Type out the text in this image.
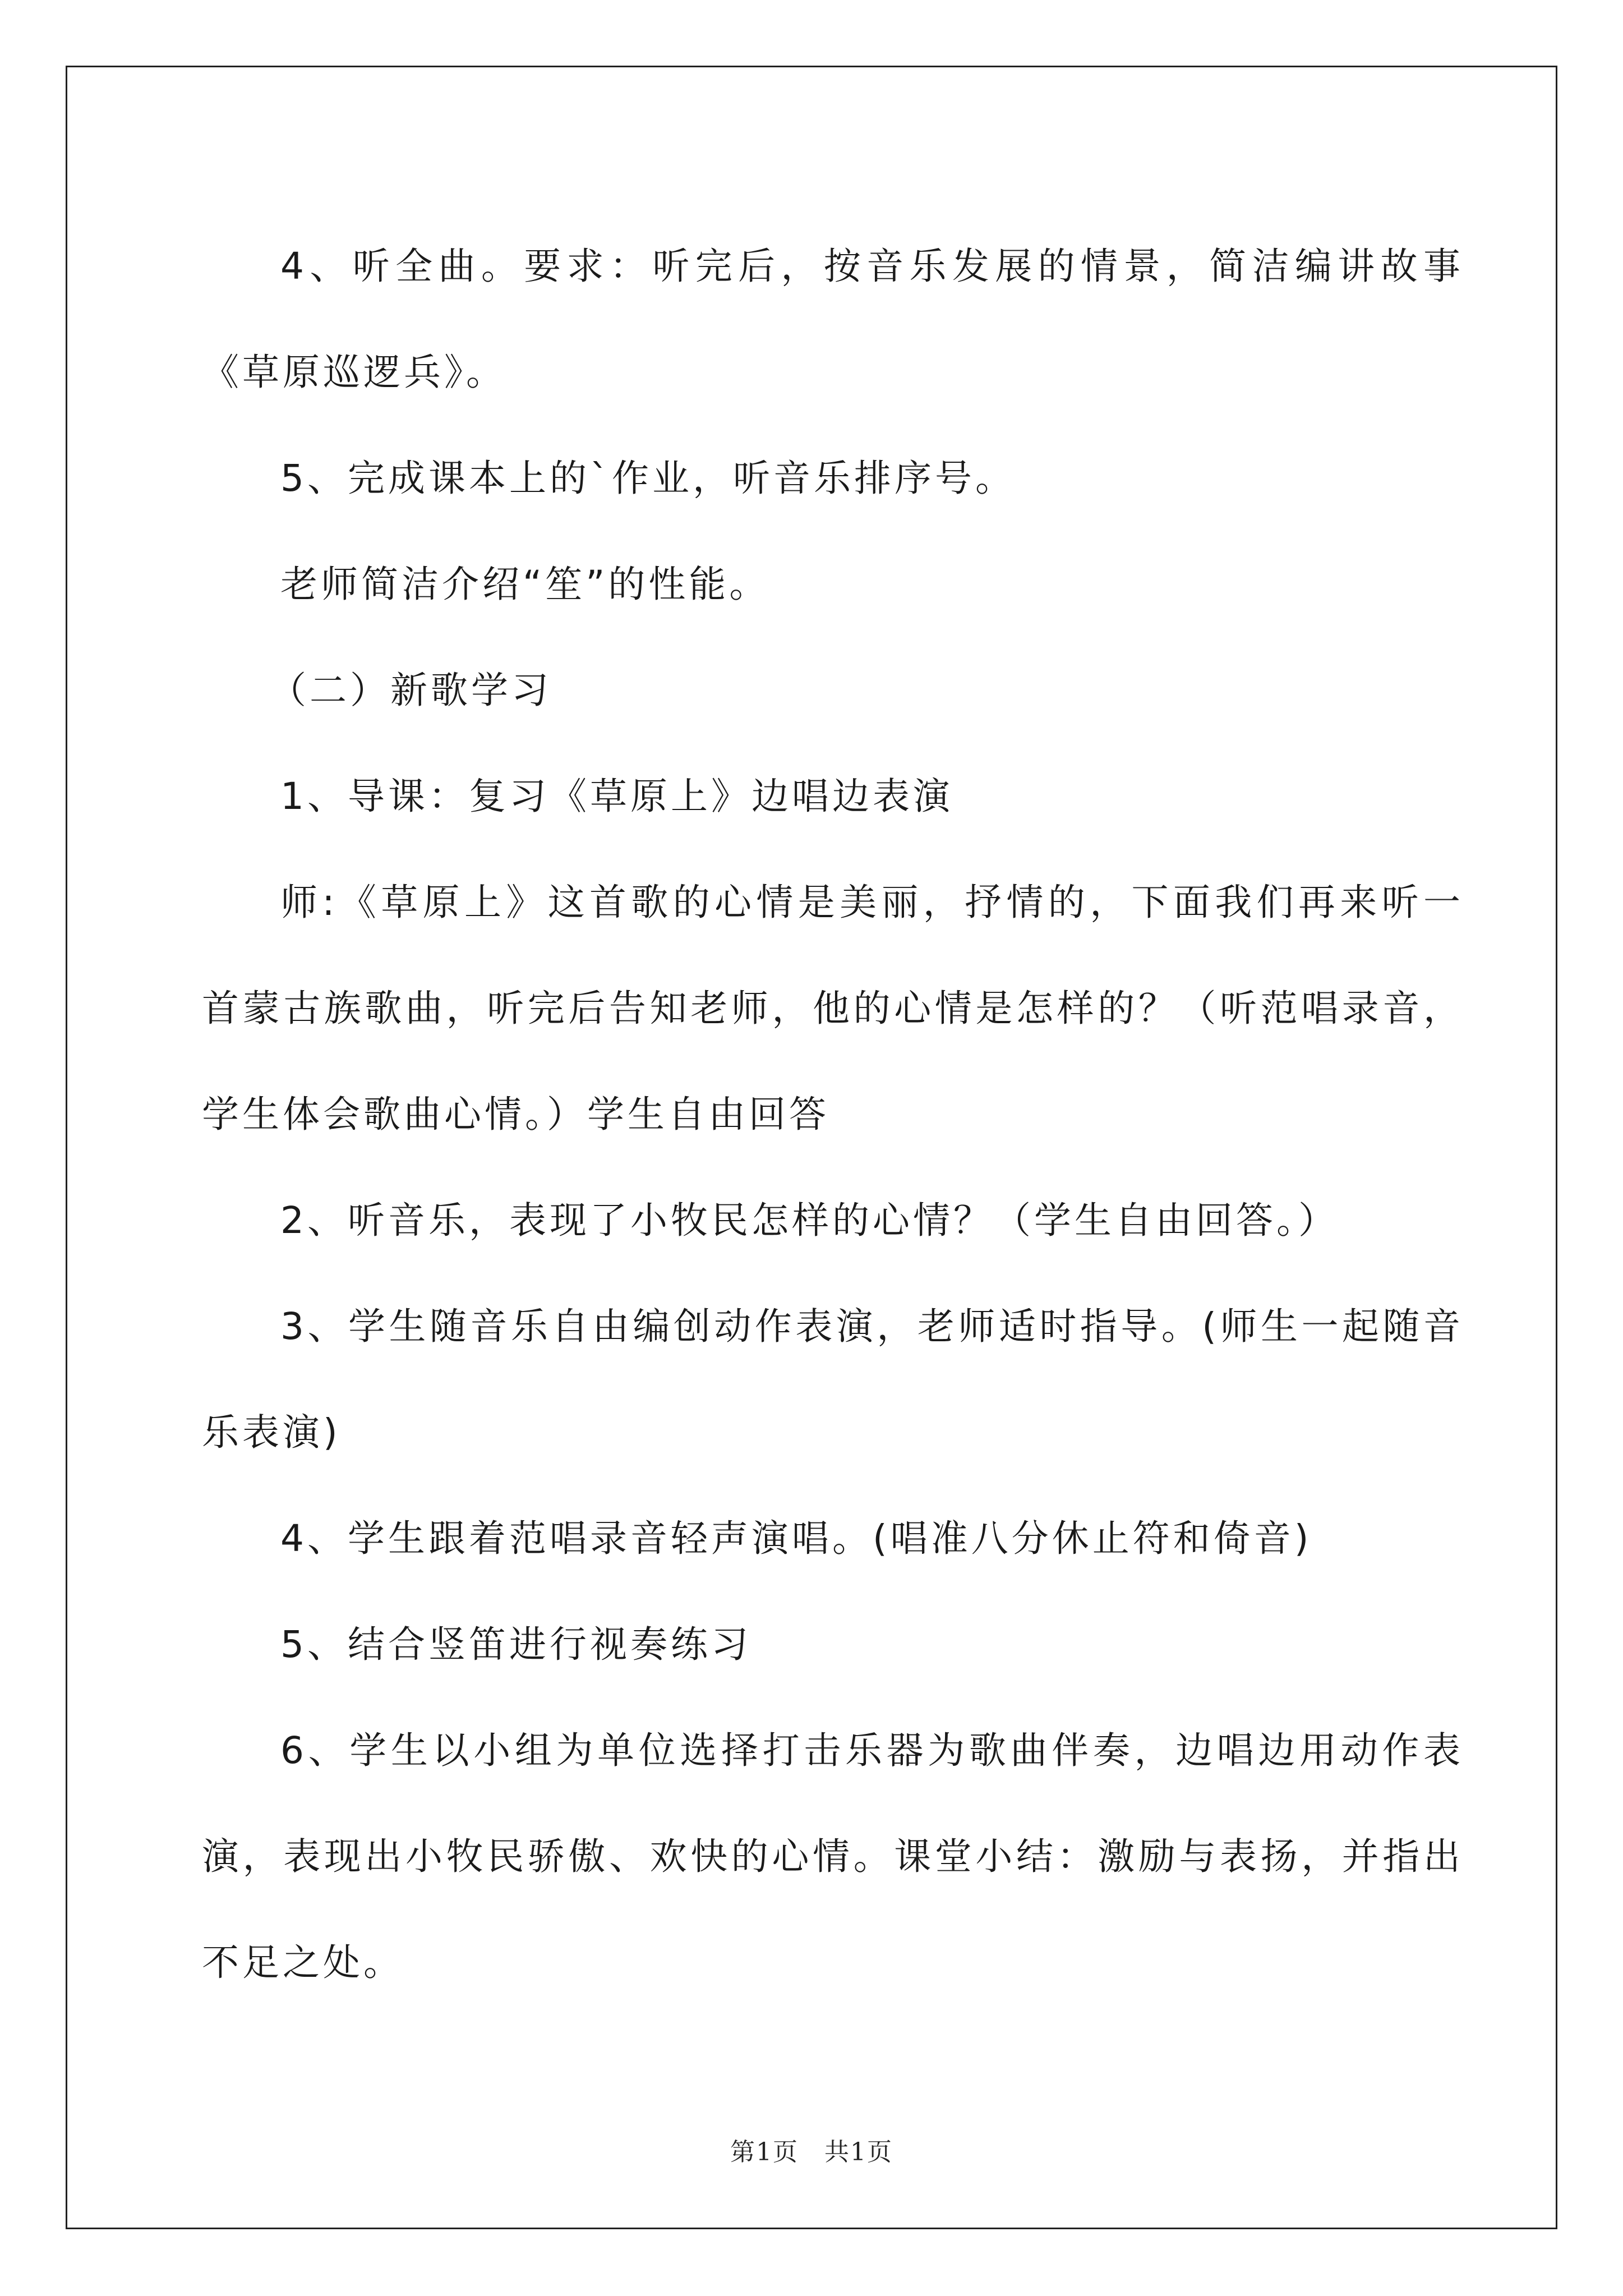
4、听全曲。要求：听完后，按音乐发展的情景，简洁编讲故事《草原巡逻兵》。

5、完成课本上的`作业，听音乐排序号。

老师简洁介绍“笙”的性能。

（二）新歌学习

1、导课：复习《草原上》边唱边表演

师:《草原上》这首歌的心情是美丽，抒情的，下面我们再来听一首蒙古族歌曲，听完后告知老师，他的心情是怎样的？（听范唱录音，学生体会歌曲心情。）学生自由回答

2、听音乐，表现了小牧民怎样的心情？（学生自由回答。）

3、学生随音乐自由编创动作表演，老师适时指导。(师生一起随音乐表演)

4、学生跟着范唱录音轻声演唱。(唱准八分休止符和倚音)

5、结合竖笛进行视奏练习

6、学生以小组为单位选择打击乐器为歌曲伴奏，边唱边用动作表演，表现出小牧民骄傲、欢快的心情。课堂小结：激励与表扬，并指出不足之处。

第1页　共1页
